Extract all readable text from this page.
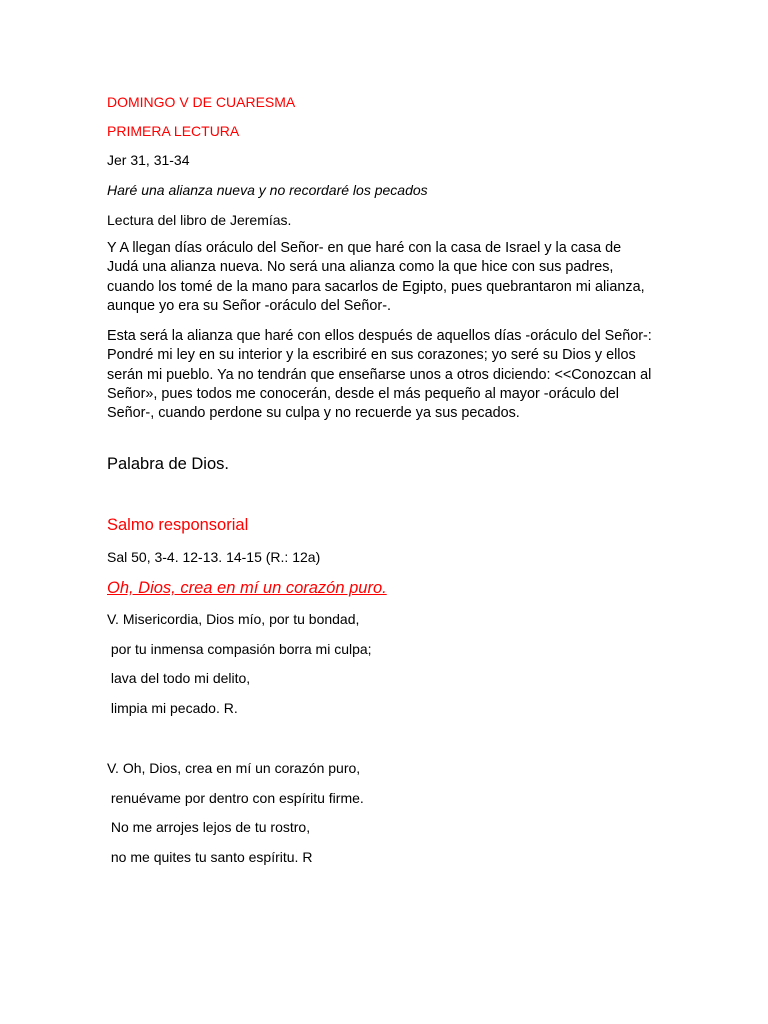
DOMINGO V DE CUARESMA

PRIMERA LECTURA

Jer 31, 31-34

Haré una alianza nueva y no recordaré los pecados

Lectura del libro de Jeremías.

Y A llegan días oráculo del Señor- en que haré con la casa de Israel y la casa de Judá una alianza nueva. No será una alianza como la que hice con sus padres, cuando los tomé de la mano para sacarlos de Egipto, pues quebrantaron mi alianza, aunque yo era su Señor -oráculo del Señor-.

Esta será la alianza que haré con ellos después de aquellos días -oráculo del Señor-: Pondré mi ley en su interior y la escribiré en sus corazones; yo seré su Dios y ellos serán mi pueblo. Ya no tendrán que enseñarse unos a otros diciendo: <<Conozcan al Señor», pues todos me conocerán, desde el más pequeño al mayor -oráculo del Señor-, cuando perdone su culpa y no recuerde ya sus pecados.

Palabra de Dios.

Salmo responsorial

Sal 50, 3-4. 12-13. 14-15 (R.: 12a)

Oh, Dios, crea en mí un corazón puro.

V. Misericordia, Dios mío, por tu bondad,

por tu inmensa compasión borra mi culpa;

lava del todo mi delito,

limpia mi pecado. R.

V. Oh, Dios, crea en mí un corazón puro,

renuévame por dentro con espíritu firme.

No me arrojes lejos de tu rostro,

no me quites tu santo espíritu. R
